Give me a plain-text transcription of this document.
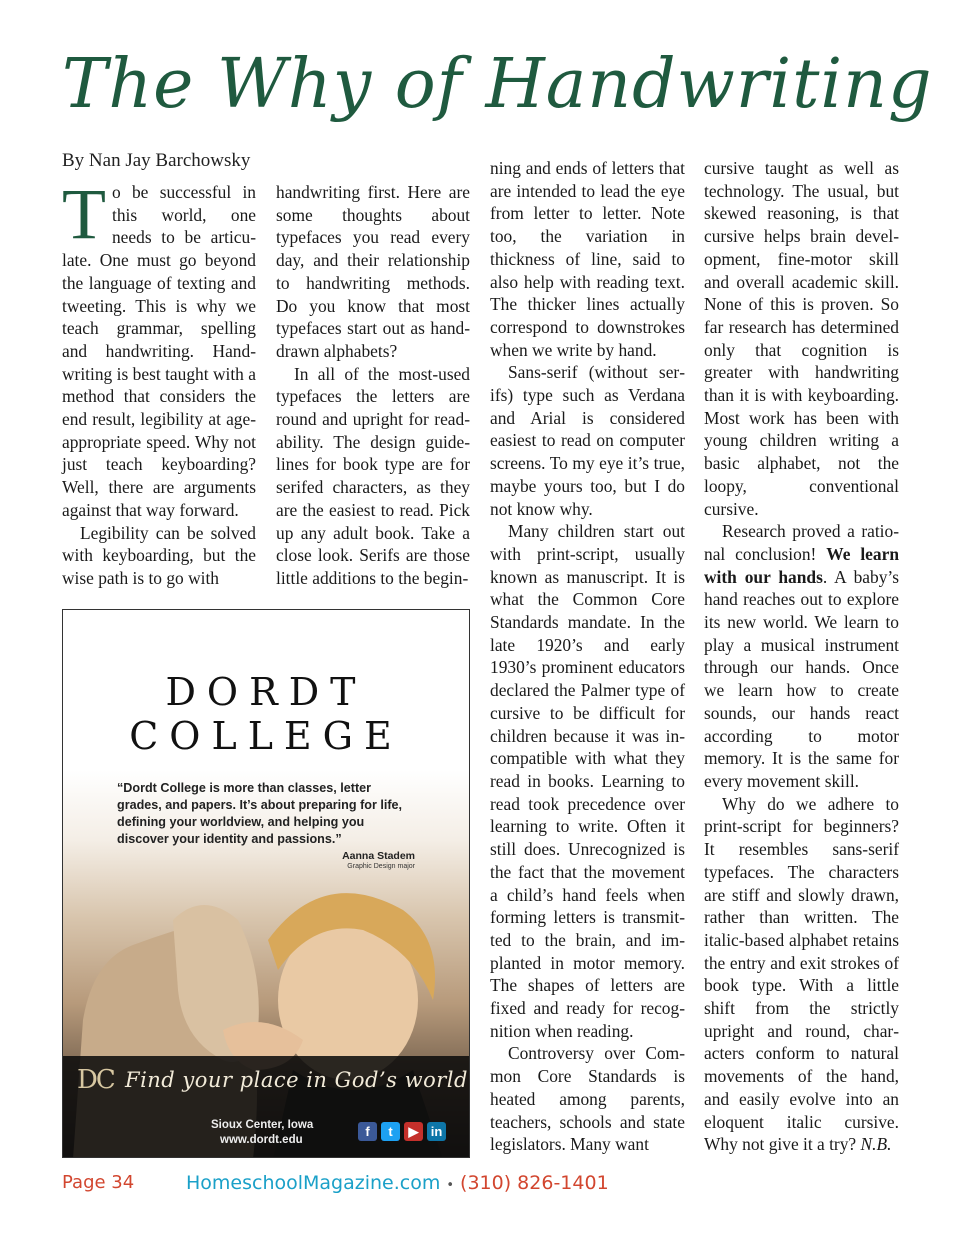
The Why of Handwriting

By Nan Jay Barchowsky

To be successful in this world, one needs to be articulate. One must go beyond the language of texting and tweeting. This is why we teach grammar, spelling and handwriting. Handwriting is best taught with a method that considers the end result, legibility at age-appropriate speed. Why not just teach keyboarding? Well, there are arguments against that way forward.

Legibility can be solved with keyboarding, but the wise path is to go with

handwriting first. Here are some thoughts about typefaces you read every day, and their relationship to handwriting methods. Do you know that most typefaces start out as hand-drawn alphabets?

In all of the most-used typefaces the letters are round and upright for readability. The design guidelines for book type are for serifed characters, as they are the easiest to read. Pick up any adult book. Take a close look. Serifs are those little additions to the begin-

ning and ends of letters that are intended to lead the eye from letter to letter. Note too, the variation in thickness of line, said to also help with reading text. The thicker lines actually correspond to downstrokes when we write by hand.

Sans-serif (without serifs) type such as Verdana and Arial is considered easiest to read on computer screens. To my eye it’s true, maybe yours too, but I do not know why.

Many children start out with print-script, usually known as manuscript. It is what the Common Core Standards mandate. In the late 1920’s and early 1930’s prominent educators declared the Palmer type of cursive to be difficult for children because it was incompatible with what they read in books. Learning to read took precedence over learning to write. Often it still does. Unrecognized is the fact that the movement a child’s hand feels when forming letters is transmitted to the brain, and implanted in motor memory. The shapes of letters are fixed and ready for recognition when reading.

Controversy over Common Core Standards is heated among parents, teachers, schools and state legislators. Many want

cursive taught as well as technology. The usual, but skewed reasoning, is that cursive helps brain development, fine-motor skill and overall academic skill. None of this is proven. So far research has determined only that cognition is greater with handwriting than it is with keyboarding. Most work has been with young children writing a basic alphabet, not the loopy, conventional cursive.

Research proved a rational conclusion! We learn with our hands. A baby’s hand reaches out to explore its new world. We learn to play a musical instrument through our hands. Once we learn how to create sounds, our hands react according to motor memory. It is the same for every movement skill.

Why do we adhere to print-script for beginners? It resembles sans-serif typefaces. The characters are stiff and slowly drawn, rather than written. The italic-based alphabet retains the entry and exit strokes of book type. With a little shift from the strictly upright and round, characters conform to natural movements of the hand, and easily evolve into an eloquent italic cursive. Why not give it a try? N.B.

DORDT
COLLEGE
“Dordt College is more than classes, letter grades, and papers. It’s about preparing for life, defining your worldview, and helping you discover your identity and passions.”
Aanna Stadem
Graphic Design major
DC Find your place in God’s world
Sioux Center, Iowa
www.dordt.edu
f	t	▶ in
Page 34	HomeschoolMagazine.com • (310) 826-1401
